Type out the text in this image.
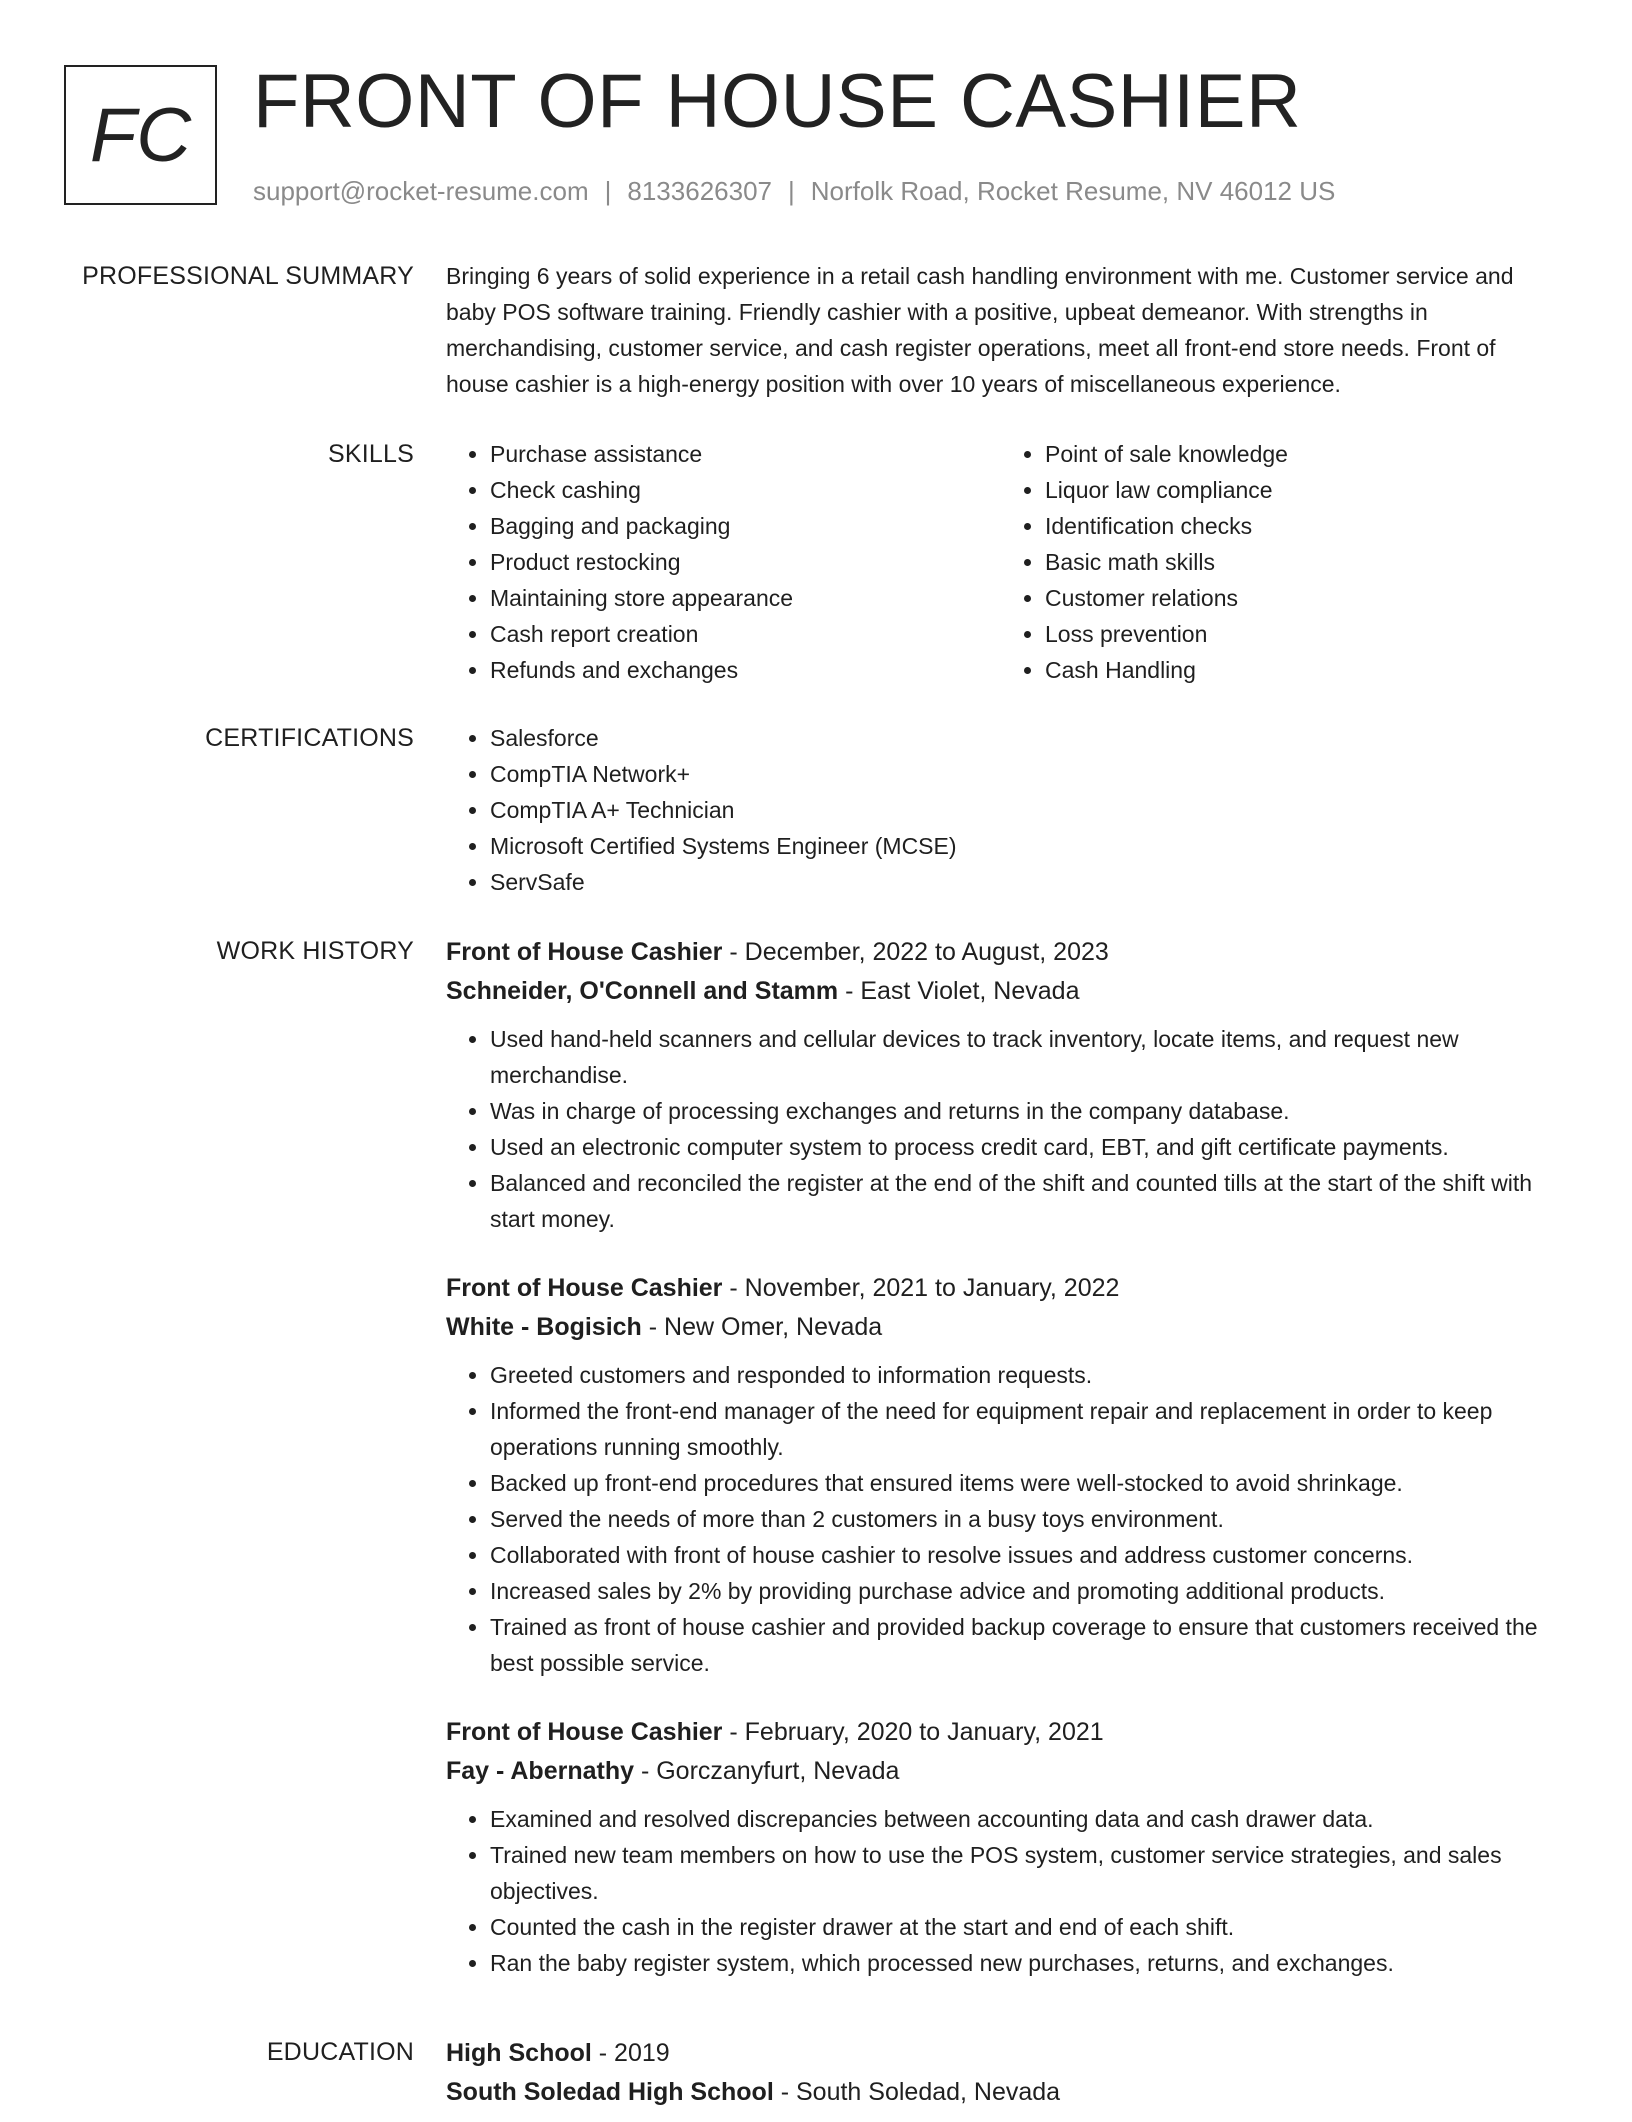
FC FRONT OF HOUSE CASHIER
support@rocket-resume.com | 8133626307 | Norfolk Road, Rocket Resume, NV 46012 US
PROFESSIONAL SUMMARY Bringing 6 years of solid experience in a retail cash handling environment with me. Customer service and baby POS software training. Friendly cashier with a positive, upbeat demeanor. With strengths in merchandising, customer service, and cash register operations, meet all front-end store needs. Front of house cashier is a high-energy position with over 10 years of miscellaneous experience.
SKILLS	• Purchase assistance
• Check cashing
• Bagging and packaging
• Product restocking
• Maintaining store appearance
• Cash report creation
• Refunds and exchanges
• Point of sale knowledge
• Liquor law compliance
• Identification checks
• Basic math skills
• Customer relations
• Loss prevention
• Cash Handling
CERTIFICATIONS	• Salesforce
• CompTIA Network+
• CompTIA A+ Technician
• Microsoft Certified Systems Engineer (MCSE)
• ServSafe
WORK HISTORY Front of House Cashier - December, 2022 to August, 2023
Schneider, O'Connell and Stamm - East Violet, Nevada
• Used hand-held scanners and cellular devices to track inventory, locate items, and request new merchandise.
• Was in charge of processing exchanges and returns in the company database.
• Used an electronic computer system to process credit card, EBT, and gift certificate payments.
• Balanced and reconciled the register at the end of the shift and counted tills at the start of the shift with start money.
Front of House Cashier - November, 2021 to January, 2022
White - Bogisich - New Omer, Nevada
• Greeted customers and responded to information requests.
• Informed the front-end manager of the need for equipment repair and replacement in order to keep operations running smoothly.
• Backed up front-end procedures that ensured items were well-stocked to avoid shrinkage.
• Served the needs of more than 2 customers in a busy toys environment.
• Collaborated with front of house cashier to resolve issues and address customer concerns.
• Increased sales by 2% by providing purchase advice and promoting additional products.
• Trained as front of house cashier and provided backup coverage to ensure that customers received the best possible service.
Front of House Cashier - February, 2020 to January, 2021
Fay - Abernathy - Gorczanyfurt, Nevada
• Examined and resolved discrepancies between accounting data and cash drawer data.
• Trained new team members on how to use the POS system, customer service strategies, and sales objectives.
• Counted the cash in the register drawer at the start and end of each shift.
• Ran the baby register system, which processed new purchases, returns, and exchanges.
EDUCATION High School - 2019
South Soledad High School - South Soledad, Nevada
